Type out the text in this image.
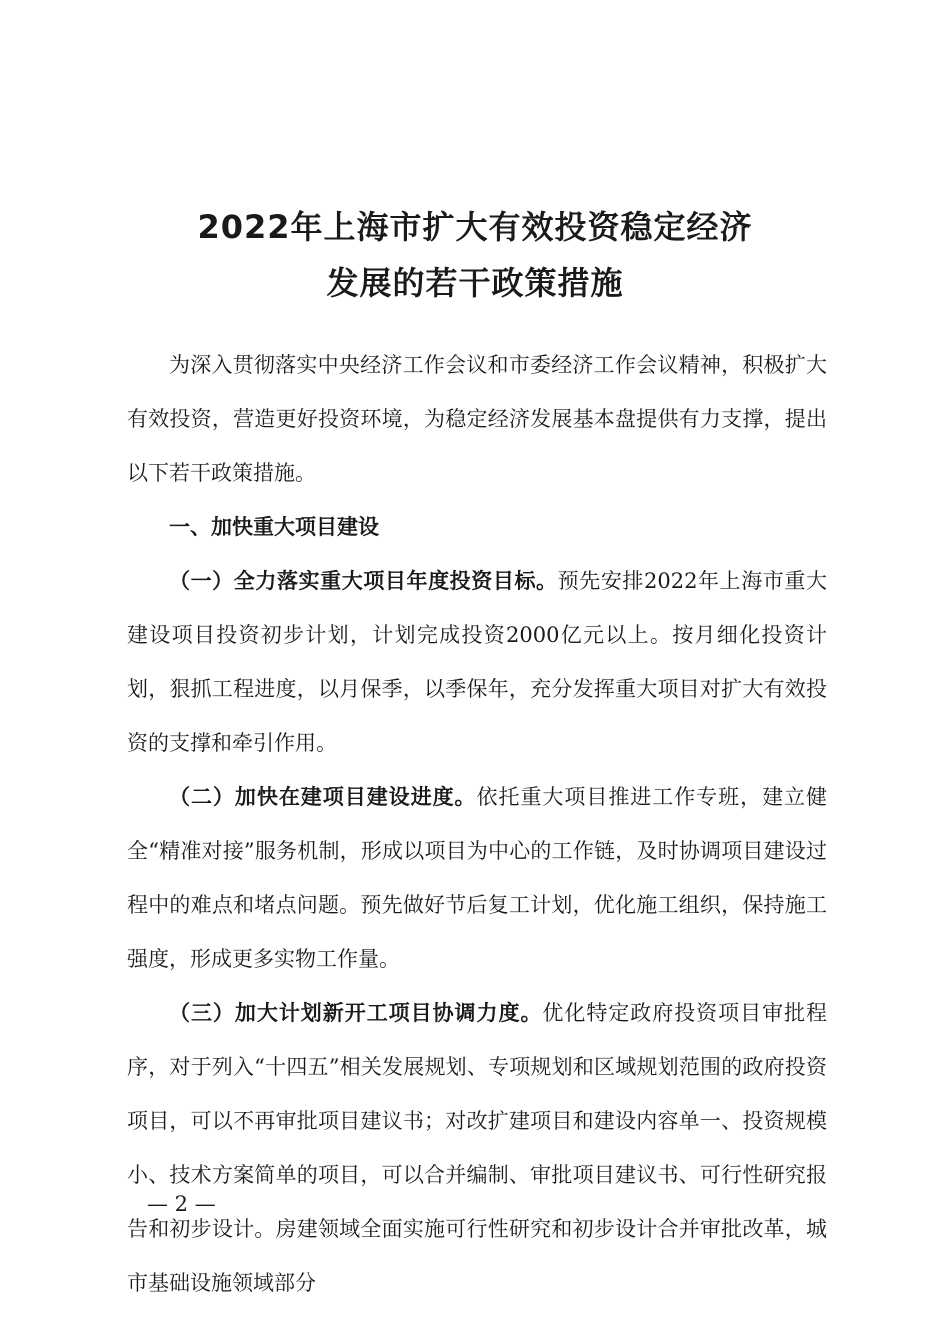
2022年上海市扩大有效投资稳定经济
发展的若干政策措施

为深入贯彻落实中央经济工作会议和市委经济工作会议精神，积极扩大有效投资，营造更好投资环境，为稳定经济发展基本盘提供有力支撑，提出以下若干政策措施。

一、加快重大项目建设

（一）全力落实重大项目年度投资目标。预先安排2022年上海市重大建设项目投资初步计划，计划完成投资2000亿元以上。按月细化投资计划，狠抓工程进度，以月保季，以季保年，充分发挥重大项目对扩大有效投资的支撑和牵引作用。

（二）加快在建项目建设进度。依托重大项目推进工作专班，建立健全“精准对接”服务机制，形成以项目为中心的工作链，及时协调项目建设过程中的难点和堵点问题。预先做好节后复工计划，优化施工组织，保持施工强度，形成更多实物工作量。

（三）加大计划新开工项目协调力度。优化特定政府投资项目审批程序，对于列入“十四五”相关发展规划、专项规划和区域规划范围的政府投资项目，可以不再审批项目建议书；对改扩建项目和建设内容单一、投资规模小、技术方案简单的项目，可以合并编制、审批项目建议书、可行性研究报告和初步设计。房建领域全面实施可行性研究和初步设计合并审批改革，城市基础设施领域部分

— 2 —
